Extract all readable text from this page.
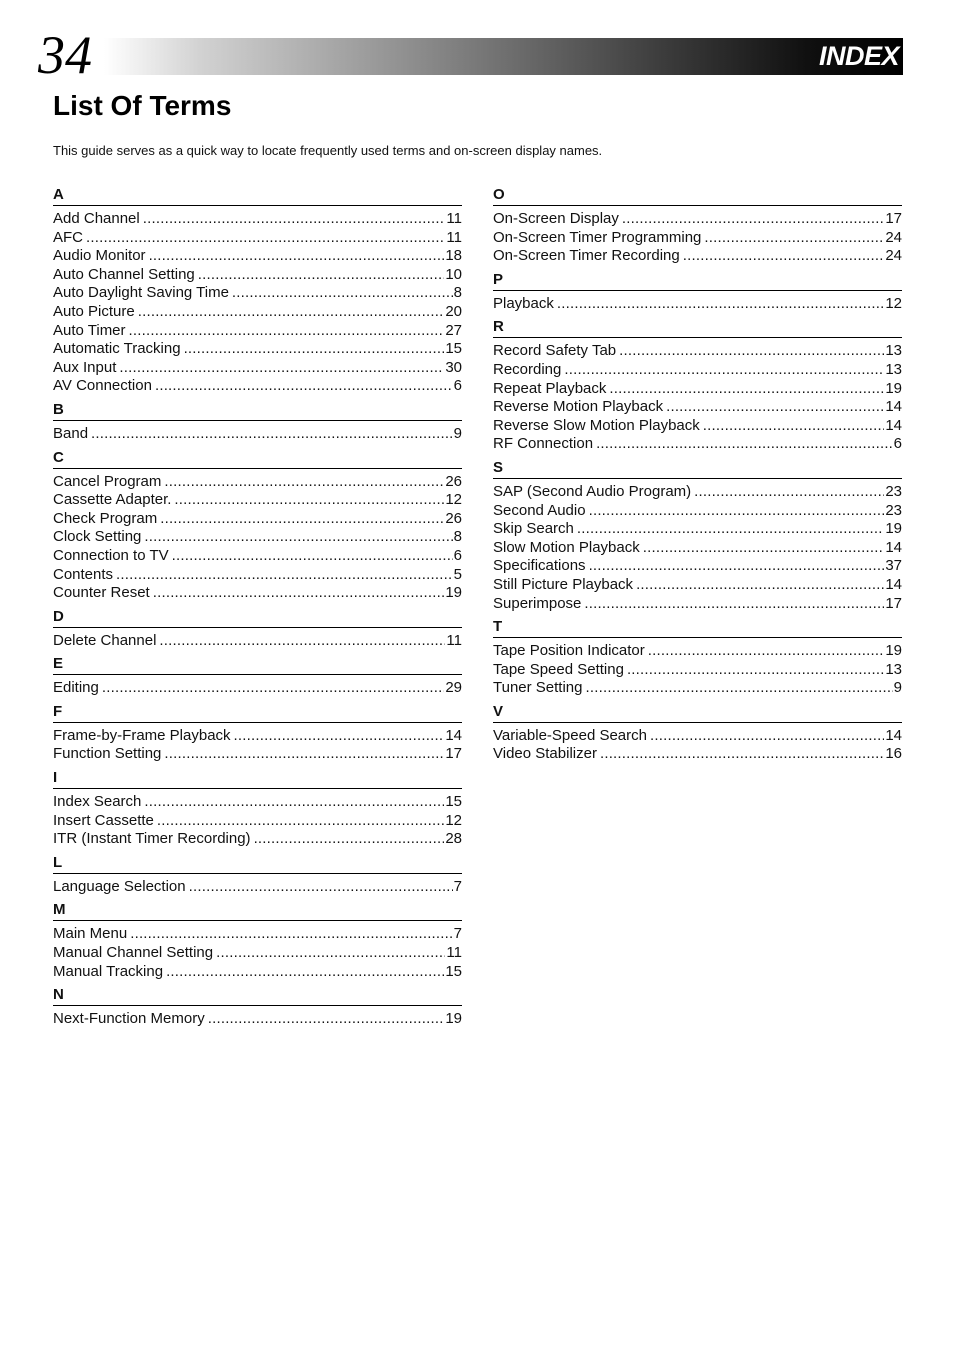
34	INDEX
List Of Terms
This guide serves as a quick way to locate frequently used terms and on-screen display names.
A
Add Channel .....	11
AFC .....	11
Audio Monitor .....	18
Auto Channel Setting .....	10
Auto Daylight Saving Time .....	8
Auto Picture .....	20
Auto Timer .....	27
Automatic Tracking .....	15
Aux Input .....	30
AV Connection .....	6
B
Band .....	9
C
Cancel Program .....	26
Cassette Adapter. .....	12
Check Program .....	26
Clock Setting .....	8
Connection to TV .....	6
Contents .....	5
Counter Reset .....	19
D
Delete Channel .....	11
E
Editing .....	29
F
Frame-by-Frame Playback .....	14
Function Setting .....	17
I
Index Search .....	15
Insert Cassette .....	12
ITR (Instant Timer Recording) .....	28
L
Language Selection .....	7
M
Main Menu .....	7
Manual Channel Setting .....	11
Manual Tracking .....	15
N
Next-Function Memory .....	19
O
On-Screen Display .....	17
On-Screen Timer Programming .....	24
On-Screen Timer Recording .....	24
P
Playback .....	12
R
Record Safety Tab .....	13
Recording .....	13
Repeat Playback .....	19
Reverse Motion Playback .....	14
Reverse Slow Motion Playback .....	14
RF Connection .....	6
S
SAP (Second Audio Program) .....	23
Second Audio .....	23
Skip Search .....	19
Slow Motion Playback .....	14
Specifications .....	37
Still Picture Playback .....	14
Superimpose .....	17
T
Tape Position Indicator .....	19
Tape Speed Setting .....	13
Tuner Setting .....	9
V
Variable-Speed Search .....	14
Video Stabilizer .....	16
